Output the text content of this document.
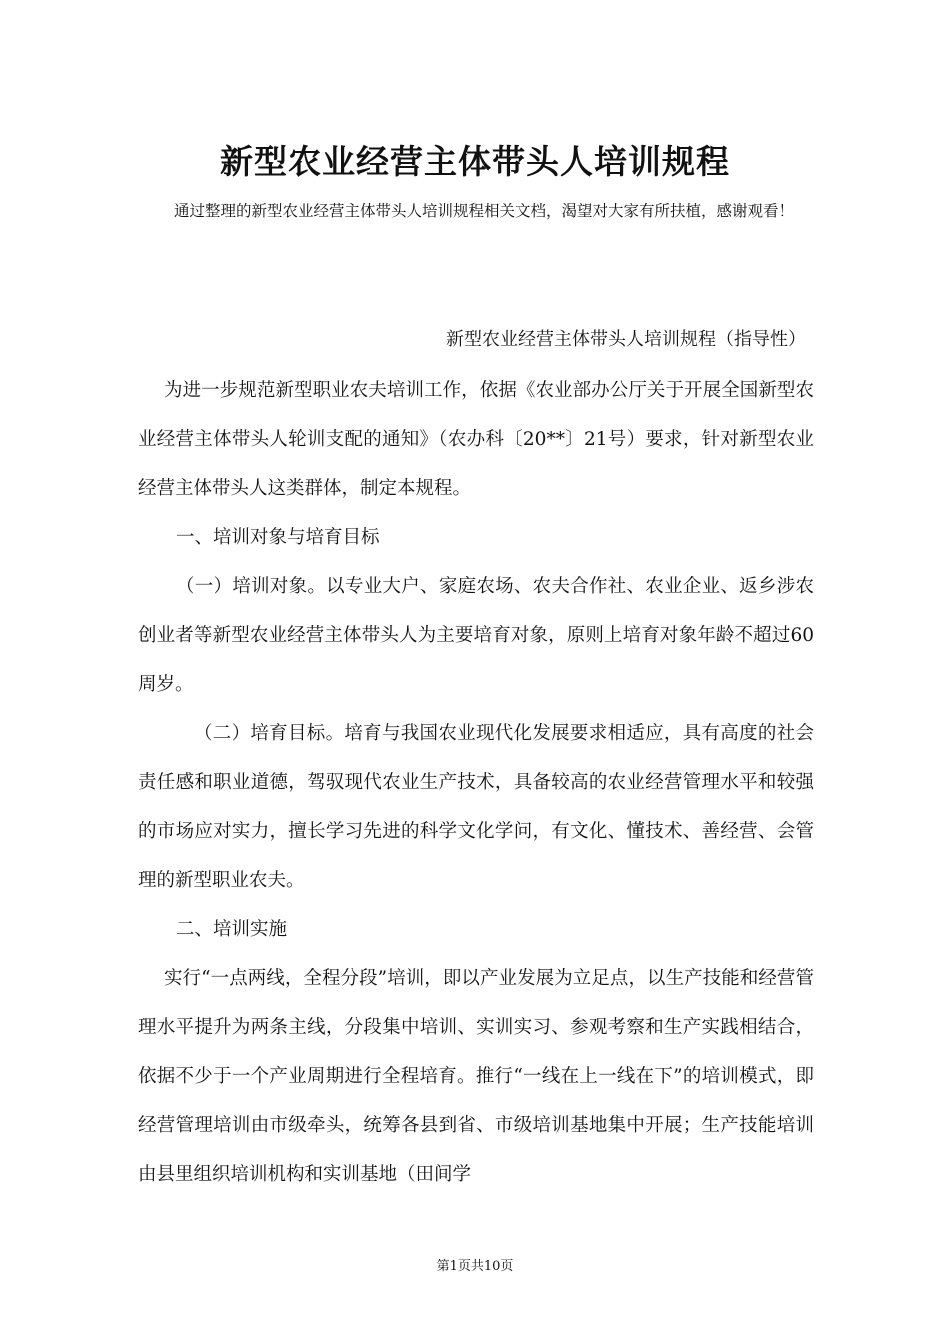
新型农业经营主体带头人培训规程

通过整理的新型农业经营主体带头人培训规程相关文档，渴望对大家有所扶植，感谢观看！

新型农业经营主体带头人培训规程（指导性）

为进一步规范新型职业农夫培训工作，依据《农业部办公厅关于开展全国新型农业经营主体带头人轮训支配的通知》（农办科〔20**〕21号）要求，针对新型农业经营主体带头人这类群体，制定本规程。

一、培训对象与培育目标

（一）培训对象。以专业大户、家庭农场、农夫合作社、农业企业、返乡涉农创业者等新型农业经营主体带头人为主要培育对象，原则上培育对象年龄不超过60周岁。

（二）培育目标。培育与我国农业现代化发展要求相适应，具有高度的社会责任感和职业道德，驾驭现代农业生产技术，具备较高的农业经营管理水平和较强的市场应对实力，擅长学习先进的科学文化学问，有文化、懂技术、善经营、会管理的新型职业农夫。

二、培训实施

实行“一点两线，全程分段”培训，即以产业发展为立足点，以生产技能和经营管理水平提升为两条主线，分段集中培训、实训实习、参观考察和生产实践相结合，依据不少于一个产业周期进行全程培育。推行“一线在上一线在下”的培训模式，即经营管理培训由市级牵头，统筹各县到省、市级培训基地集中开展；生产技能培训由县里组织培训机构和实训基地（田间学

第1页共10页
